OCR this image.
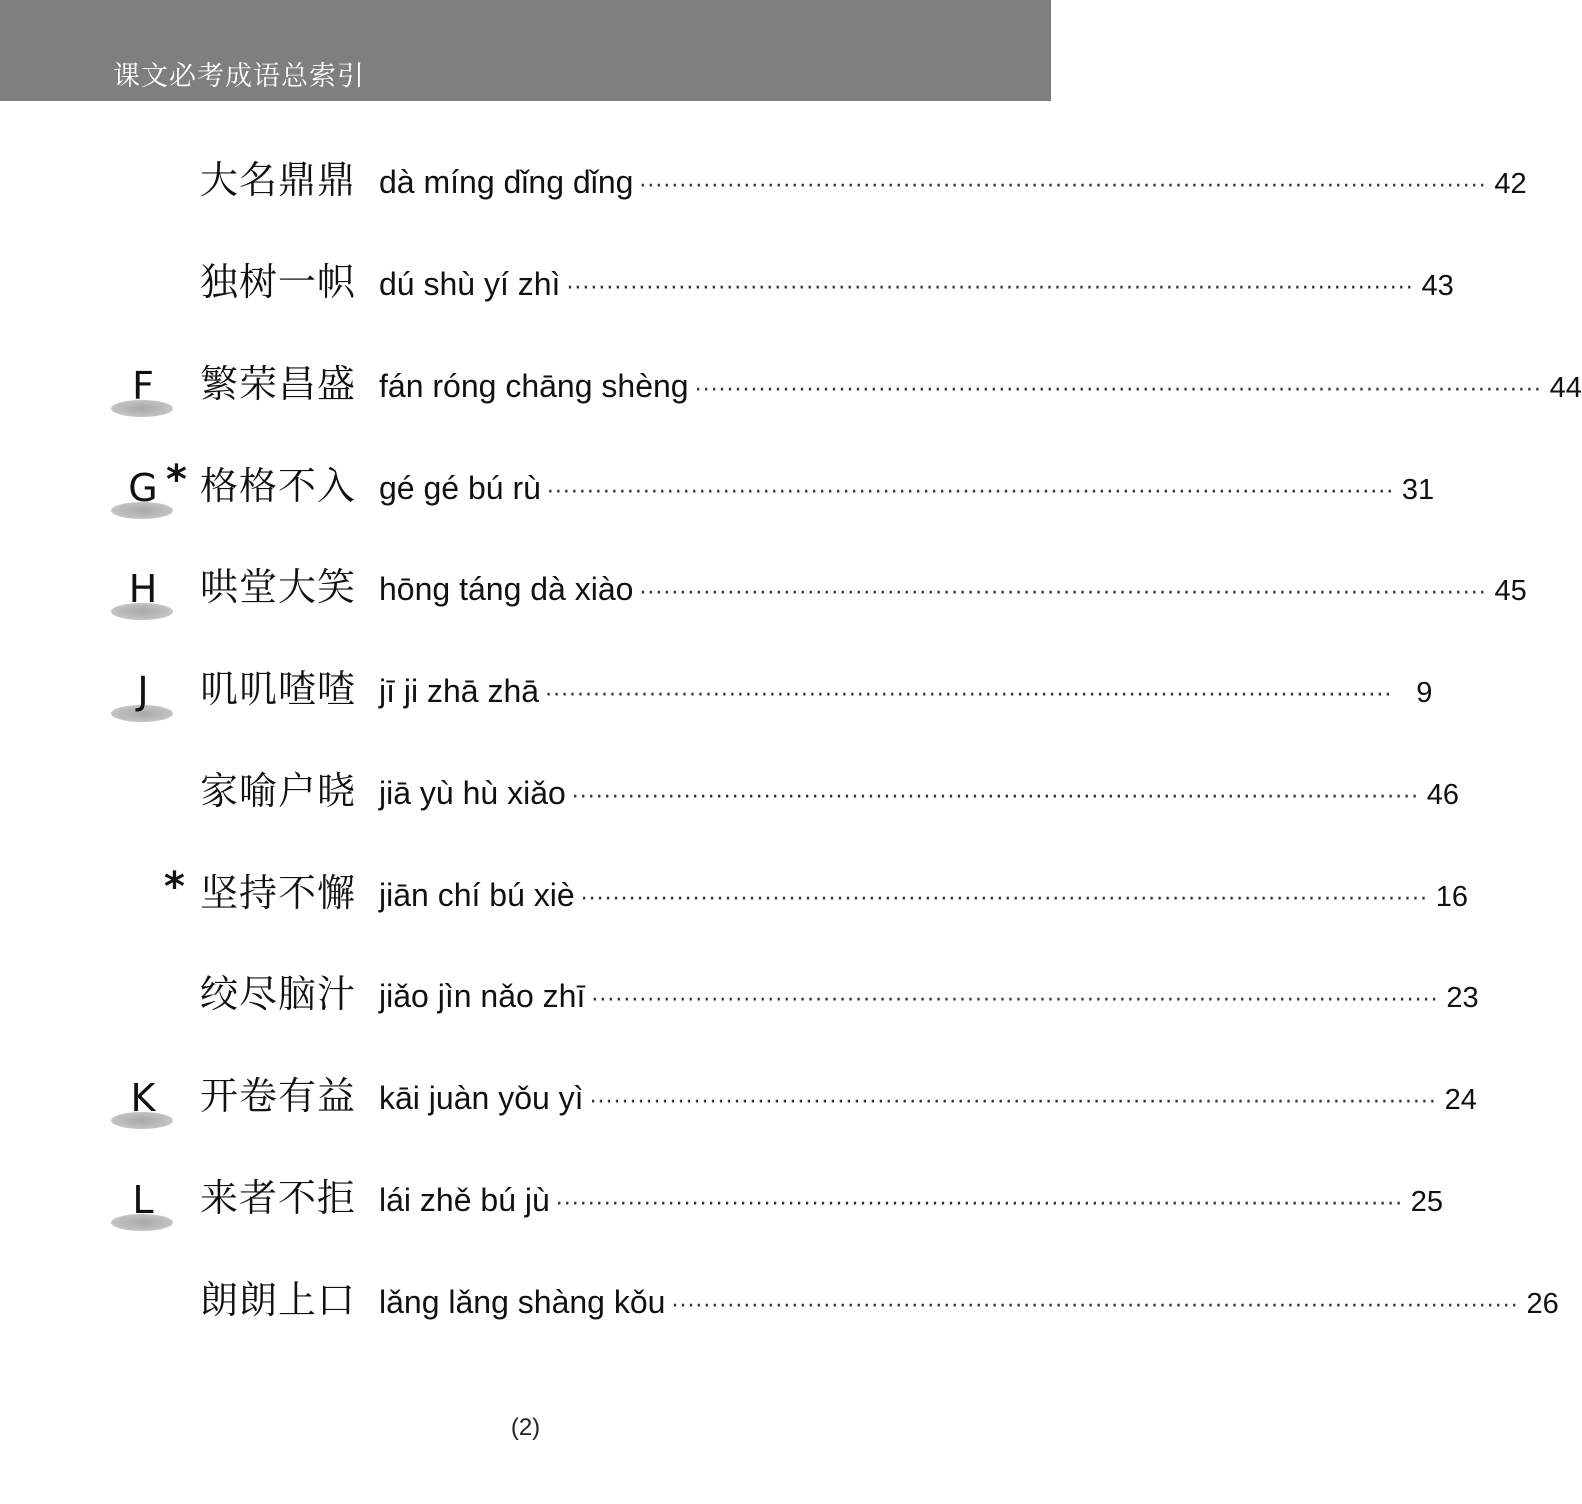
课文必考成语总索引
大名鼎鼎 dà míng dǐng dǐng ·········································································································· 42
独树一帜 dú shù yí zhì ·········································································································· 43
F	繁荣昌盛 fán róng chāng shèng ·········································································································· 44
G * 格格不入 gé gé bú rù ·········································································································· 31
H	哄堂大笑 hōng táng dà xiào ·········································································································· 45
J	叽叽喳喳 jī ji zhā zhā ·········································································································· 9
家喻户晓 jiā yù hù xiǎo ·········································································································· 46
* 坚持不懈 jiān chí bú xiè ·········································································································· 16
绞尽脑汁 jiǎo jìn nǎo zhī ·········································································································· 23
K	开卷有益 kāi juàn yǒu yì ·········································································································· 24
L	来者不拒 lái zhě bú jù ·········································································································· 25
朗朗上口 lǎng lǎng shàng kǒu ·········································································································· 26
(2)
